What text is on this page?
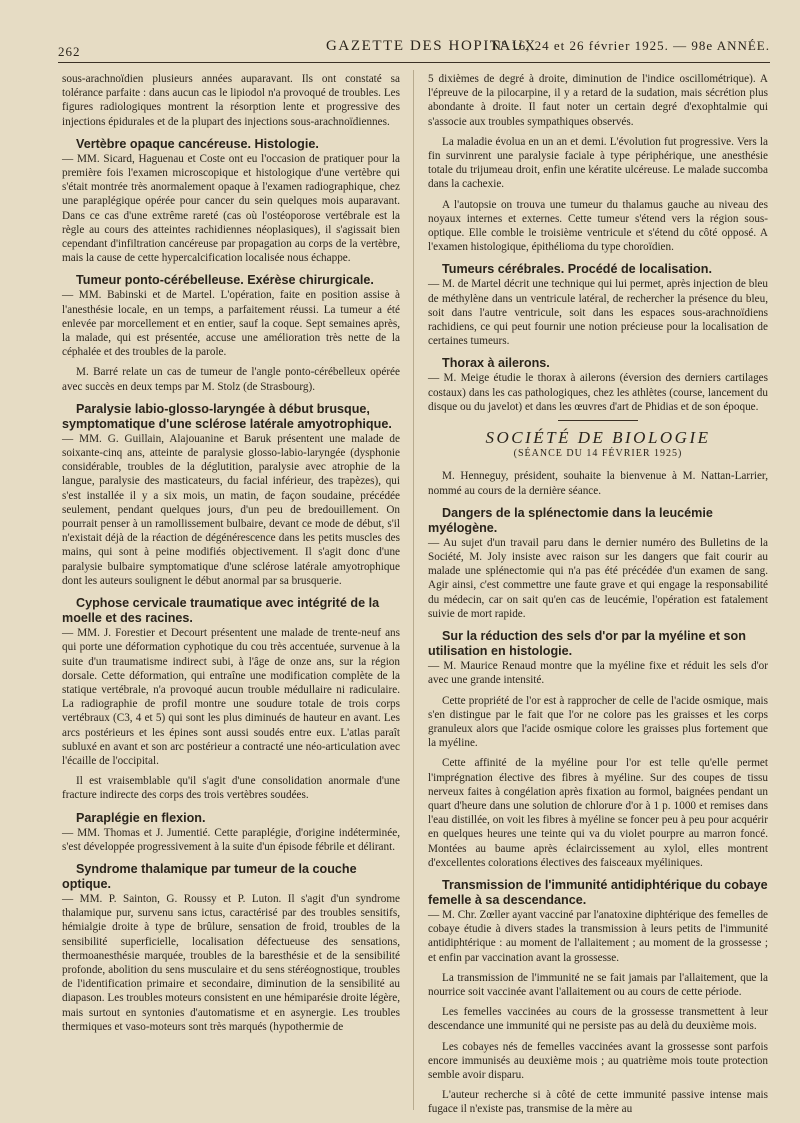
262	GAZETTE DES HOPITAUX
Nº 16, 24 et 26 février 1925. — 98e ANNÉE.

sous-arachnoïdien plusieurs années auparavant. Ils ont constaté sa tolérance parfaite : dans aucun cas le lipiodol n'a provoqué de troubles. Les figures radiologiques montrent la résorption lente et progressive des injections épidurales et de la plupart des injections sous-arachnoïdiennes.

Vertèbre opaque cancéreuse. Histologie.

— MM. Sicard, Haguenau et Coste ont eu l'occasion de pratiquer pour la première fois l'examen microscopique et histologique d'une vertèbre qui s'était montrée très anormalement opaque à l'examen radiographique, chez une paraplégique opérée pour cancer du sein quelques mois auparavant. Dans ce cas d'une extrême rareté (cas où l'ostéoporose vertébrale est la règle au cours des atteintes rachidiennes néoplasiques), il s'agissait bien cependant d'infiltration cancéreuse par propagation au corps de la vertèbre, mais la cause de cette hypercalcification localisée nous échappe.

Tumeur ponto-cérébelleuse. Exérèse chirurgicale.

— MM. Babinski et de Martel. L'opération, faite en position assise à l'anesthésie locale, en un temps, a parfaitement réussi. La tumeur a été enlevée par morcellement et en entier, sauf la coque. Sept semaines après, la malade, qui est présentée, accuse une amélioration très nette de la céphalée et des troubles de la parole.

M. Barré relate un cas de tumeur de l'angle ponto-cérébelleux opérée avec succès en deux temps par M. Stolz (de Strasbourg).

Paralysie labio-glosso-laryngée à début brusque, symptomatique d'une sclérose latérale amyotrophique.

— MM. G. Guillain, Alajouanine et Baruk présentent une malade de soixante-cinq ans, atteinte de paralysie glosso-labio-laryngée (dysphonie considérable, troubles de la déglutition, paralysie avec atrophie de la langue, paralysie des masticateurs, du facial inférieur, des trapèzes), qui s'est installée il y a six mois, un matin, de façon soudaine, précédée seulement, pendant quelques jours, d'un peu de bredouillement. On pourrait penser à un ramollissement bulbaire, devant ce mode de début, s'il n'existait déjà de la réaction de dégénérescence dans les petits muscles des mains, qui sont à peine modifiés objectivement. Il s'agit donc d'une paralysie bulbaire symptomatique d'une sclérose latérale amyotrophique dont les auteurs soulignent le début anormal par sa brusquerie.

Cyphose cervicale traumatique avec intégrité de la moelle et des racines.

— MM. J. Forestier et Decourt présentent une malade de trente-neuf ans qui porte une déformation cyphotique du cou très accentuée, survenue à la suite d'un traumatisme indirect subi, à l'âge de onze ans, sur la région dorsale. Cette déformation, qui entraîne une modification complète de la statique vertébrale, n'a provoqué aucun trouble médullaire ni radiculaire. La radiographie de profil montre une soudure totale de trois corps vertébraux (C3, 4 et 5) qui sont les plus diminués de hauteur en avant. Les arcs postérieurs et les épines sont aussi soudés entre eux. L'atlas paraît subluxé en avant et son arc postérieur a contracté une néo-articulation avec l'écaille de l'occipital.

Il est vraisemblable qu'il s'agit d'une consolidation anormale d'une fracture indirecte des corps des trois vertèbres soudées.

Paraplégie en flexion.

— MM. Thomas et J. Jumentié. Cette paraplégie, d'origine indéterminée, s'est développée progressivement à la suite d'un épisode fébrile et délirant.

Syndrome thalamique par tumeur de la couche optique.

— MM. P. Sainton, G. Roussy et P. Luton. Il s'agit d'un syndrome thalamique pur, survenu sans ictus, caractérisé par des troubles sensitifs, hémialgie droite à type de brûlure, sensation de froid, troubles de la sensibilité superficielle, localisation défectueuse des sensations, thermoanesthésie marquée, troubles de la baresthésie et de la sensibilité profonde, abolition du sens musculaire et du sens stéréognostique, troubles de l'identification primaire et secondaire, diminution de la sensibilité au diapason. Les troubles moteurs consistent en une hémiparésie droite légère, mais surtout en syntonies d'automatisme et en asynergie. Les troubles thermiques et vaso-moteurs sont très marqués (hypothermie de

5 dixièmes de degré à droite, diminution de l'indice oscillométrique). A l'épreuve de la pilocarpine, il y a retard de la sudation, mais sécrétion plus abondante à droite. Il faut noter un certain degré d'exophtalmie qui s'associe aux troubles sympathiques observés.

La maladie évolua en un an et demi. L'évolution fut progressive. Vers la fin survinrent une paralysie faciale à type périphérique, une anesthésie totale du trijumeau droit, enfin une kératite ulcéreuse. Le malade succomba dans la cachexie.

A l'autopsie on trouva une tumeur du thalamus gauche au niveau des noyaux internes et externes. Cette tumeur s'étend vers la région sous-optique. Elle comble le troisième ventricule et s'étend du côté opposé. A l'examen histologique, épithélioma du type choroïdien.

Tumeurs cérébrales. Procédé de localisation.

— M. de Martel décrit une technique qui lui permet, après injection de bleu de méthylène dans un ventricule latéral, de rechercher la présence du bleu, soit dans l'autre ventricule, soit dans les espaces sous-arachnoïdiens rachidiens, ce qui peut fournir une notion précieuse pour la localisation de certaines tumeurs.

Thorax à ailerons.

— M. Meige étudie le thorax à ailerons (éversion des derniers cartilages costaux) dans les cas pathologiques, chez les athlètes (course, lancement du disque ou du javelot) et dans les œuvres d'art de Phidias et de son époque.

SOCIÉTÉ DE BIOLOGIE
(SÉANCE DU 14 FÉVRIER 1925)

M. Henneguy, président, souhaite la bienvenue à M. Nattan-Larrier, nommé au cours de la dernière séance.

Dangers de la splénectomie dans la leucémie myélogène.

— Au sujet d'un travail paru dans le dernier numéro des Bulletins de la Société, M. Joly insiste avec raison sur les dangers que fait courir au malade une splénectomie qui n'a pas été précédée d'un examen de sang. Agir ainsi, c'est commettre une faute grave et qui engage la responsabilité du médecin, car on sait qu'en cas de leucémie, l'opération est fatalement suivie de mort rapide.

Sur la réduction des sels d'or par la myéline et son utilisation en histologie.

— M. Maurice Renaud montre que la myéline fixe et réduit les sels d'or avec une grande intensité.

Cette propriété de l'or est à rapprocher de celle de l'acide osmique, mais s'en distingue par le fait que l'or ne colore pas les graisses et les corps granuleux alors que l'acide osmique colore les graisses plus fortement que la myéline.

Cette affinité de la myéline pour l'or est telle qu'elle permet l'imprégnation élective des fibres à myéline. Sur des coupes de tissu nerveux faites à congélation après fixation au formol, baignées pendant un quart d'heure dans une solution de chlorure d'or à 1 p. 1000 et remises dans l'eau distillée, on voit les fibres à myéline se foncer peu à peu pour acquérir en quelques heures une teinte qui va du violet pourpre au marron foncé. Montées au baume après éclaircissement au xylol, elles montrent d'excellentes colorations électives des faisceaux myéliniques.

Transmission de l'immunité antidiphtérique du cobaye femelle à sa descendance.

— M. Chr. Zœller ayant vacciné par l'anatoxine diphtérique des femelles de cobaye étudie à divers stades la transmission à leurs petits de l'immunité antidiphtérique : au moment de l'allaitement ; au moment de la grossesse ; et enfin par vaccination avant la grossesse.

La transmission de l'immunité ne se fait jamais par l'allaitement, que la nourrice soit vaccinée avant l'allaitement ou au cours de cette période.

Les femelles vaccinées au cours de la grossesse transmettent à leur descendance une immunité qui ne persiste pas au delà du deuxième mois.

Les cobayes nés de femelles vaccinées avant la grossesse sont parfois encore immunisés au deuxième mois ; au quatrième mois toute protection semble avoir disparu.

L'auteur recherche si à côté de cette immunité passive intense mais fugace il n'existe pas, transmise de la mère au
